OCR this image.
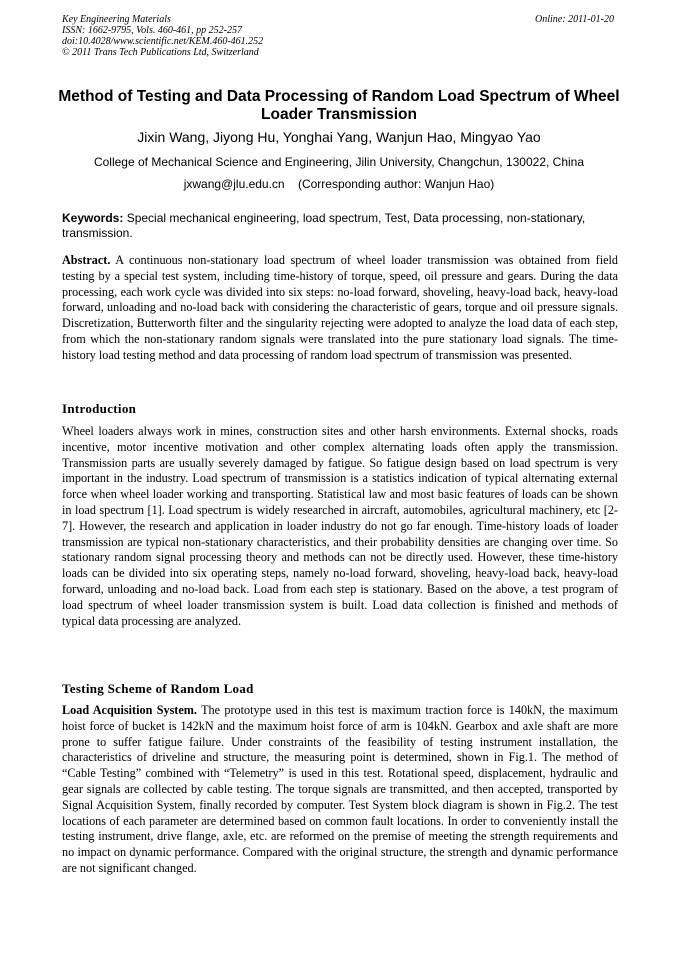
Key Engineering Materials
ISSN: 1662-9795, Vols. 460-461, pp 252-257
doi:10.4028/www.scientific.net/KEM.460-461.252
© 2011 Trans Tech Publications Ltd, Switzerland
Online: 2011-01-20
Method of Testing and Data Processing of Random Load Spectrum of Wheel Loader Transmission
Jixin Wang, Jiyong Hu, Yonghai Yang, Wanjun Hao, Mingyao Yao
College of Mechanical Science and Engineering, Jilin University, Changchun, 130022, China
jxwang@jlu.edu.cn    (Corresponding author: Wanjun Hao)
Keywords: Special mechanical engineering, load spectrum, Test, Data processing, non-stationary, transmission.
Abstract. A continuous non-stationary load spectrum of wheel loader transmission was obtained from field testing by a special test system, including time-history of torque, speed, oil pressure and gears. During the data processing, each work cycle was divided into six steps: no-load forward, shoveling, heavy-load back, heavy-load forward, unloading and no-load back with considering the characteristic of gears, torque and oil pressure signals. Discretization, Butterworth filter and the singularity rejecting were adopted to analyze the load data of each step, from which the non-stationary random signals were translated into the pure stationary load signals. The time-history load testing method and data processing of random load spectrum of transmission was presented.
Introduction

Wheel loaders always work in mines, construction sites and other harsh environments. External shocks, roads incentive, motor incentive motivation and other complex alternating loads often apply the transmission. Transmission parts are usually severely damaged by fatigue. So fatigue design based on load spectrum is very important in the industry. Load spectrum of transmission is a statistics indication of typical alternating external force when wheel loader working and transporting. Statistical law and most basic features of loads can be shown in load spectrum [1]. Load spectrum is widely researched in aircraft, automobiles, agricultural machinery, etc [2-7]. However, the research and application in loader industry do not go far enough. Time-history loads of loader transmission are typical non-stationary characteristics, and their probability densities are changing over time. So stationary random signal processing theory and methods can not be directly used. However, these time-history loads can be divided into six operating steps, namely no-load forward, shoveling, heavy-load back, heavy-load forward, unloading and no-load back. Load from each step is stationary. Based on the above, a test program of load spectrum of wheel loader transmission system is built. Load data collection is finished and methods of typical data processing are analyzed.

Testing Scheme of Random Load
Load Acquisition System. The prototype used in this test is maximum traction force is 140kN, the maximum hoist force of bucket is 142kN and the maximum hoist force of arm is 104kN. Gearbox and axle shaft are more prone to suffer fatigue failure. Under constraints of the feasibility of testing instrument installation, the characteristics of driveline and structure, the measuring point is determined, shown in Fig.1. The method of “Cable Testing” combined with “Telemetry” is used in this test. Rotational speed, displacement, hydraulic and gear signals are collected by cable testing. The torque signals are transmitted, and then accepted, transported by Signal Acquisition System, finally recorded by computer. Test System block diagram is shown in Fig.2. The test locations of each parameter are determined based on common fault locations. In order to conveniently install the testing instrument, drive flange, axle, etc. are reformed on the premise of meeting the strength requirements and no impact on dynamic performance. Compared with the original structure, the strength and dynamic performance are not significant changed.
